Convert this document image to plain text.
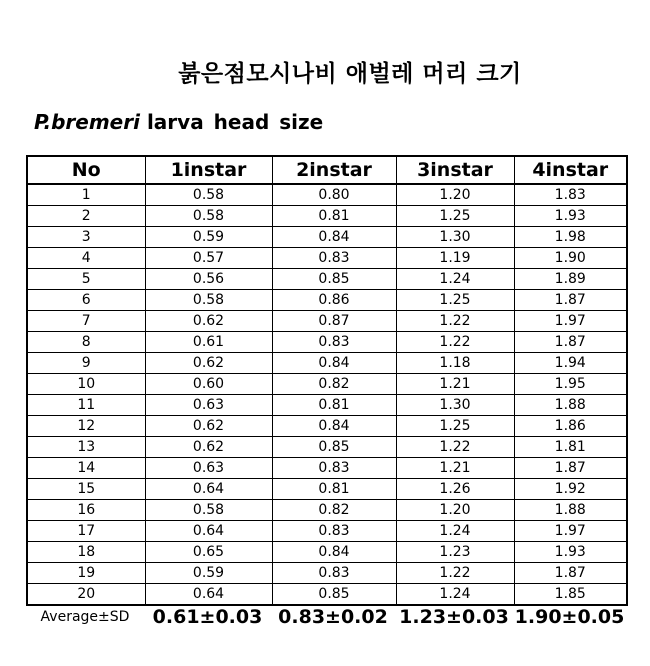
붉은점모시나비 애벌레 머리 크기
P.bremeri larva head size
No	1instar	2instar	3instar	4instar
1	0.58	0.80	1.20	1.83
2	0.58	0.81	1.25	1.93
3	0.59	0.84	1.30	1.98
4	0.57	0.83	1.19	1.90
5	0.56	0.85	1.24	1.89
6	0.58	0.86	1.25	1.87
7	0.62	0.87	1.22	1.97
8	0.61	0.83	1.22	1.87
9	0.62	0.84	1.18	1.94
10	0.60	0.82	1.21	1.95
11	0.63	0.81	1.30	1.88
12	0.62	0.84	1.25	1.86
13	0.62	0.85	1.22	1.81
14	0.63	0.83	1.21	1.87
15	0.64	0.81	1.26	1.92
16	0.58	0.82	1.20	1.88
17	0.64	0.83	1.24	1.97
18	0.65	0.84	1.23	1.93
19	0.59	0.83	1.22	1.87
20	0.64	0.85	1.24	1.85
Average±SD	0.61±0.03 0.83±0.02 1.23±0.03 1.90±0.05
